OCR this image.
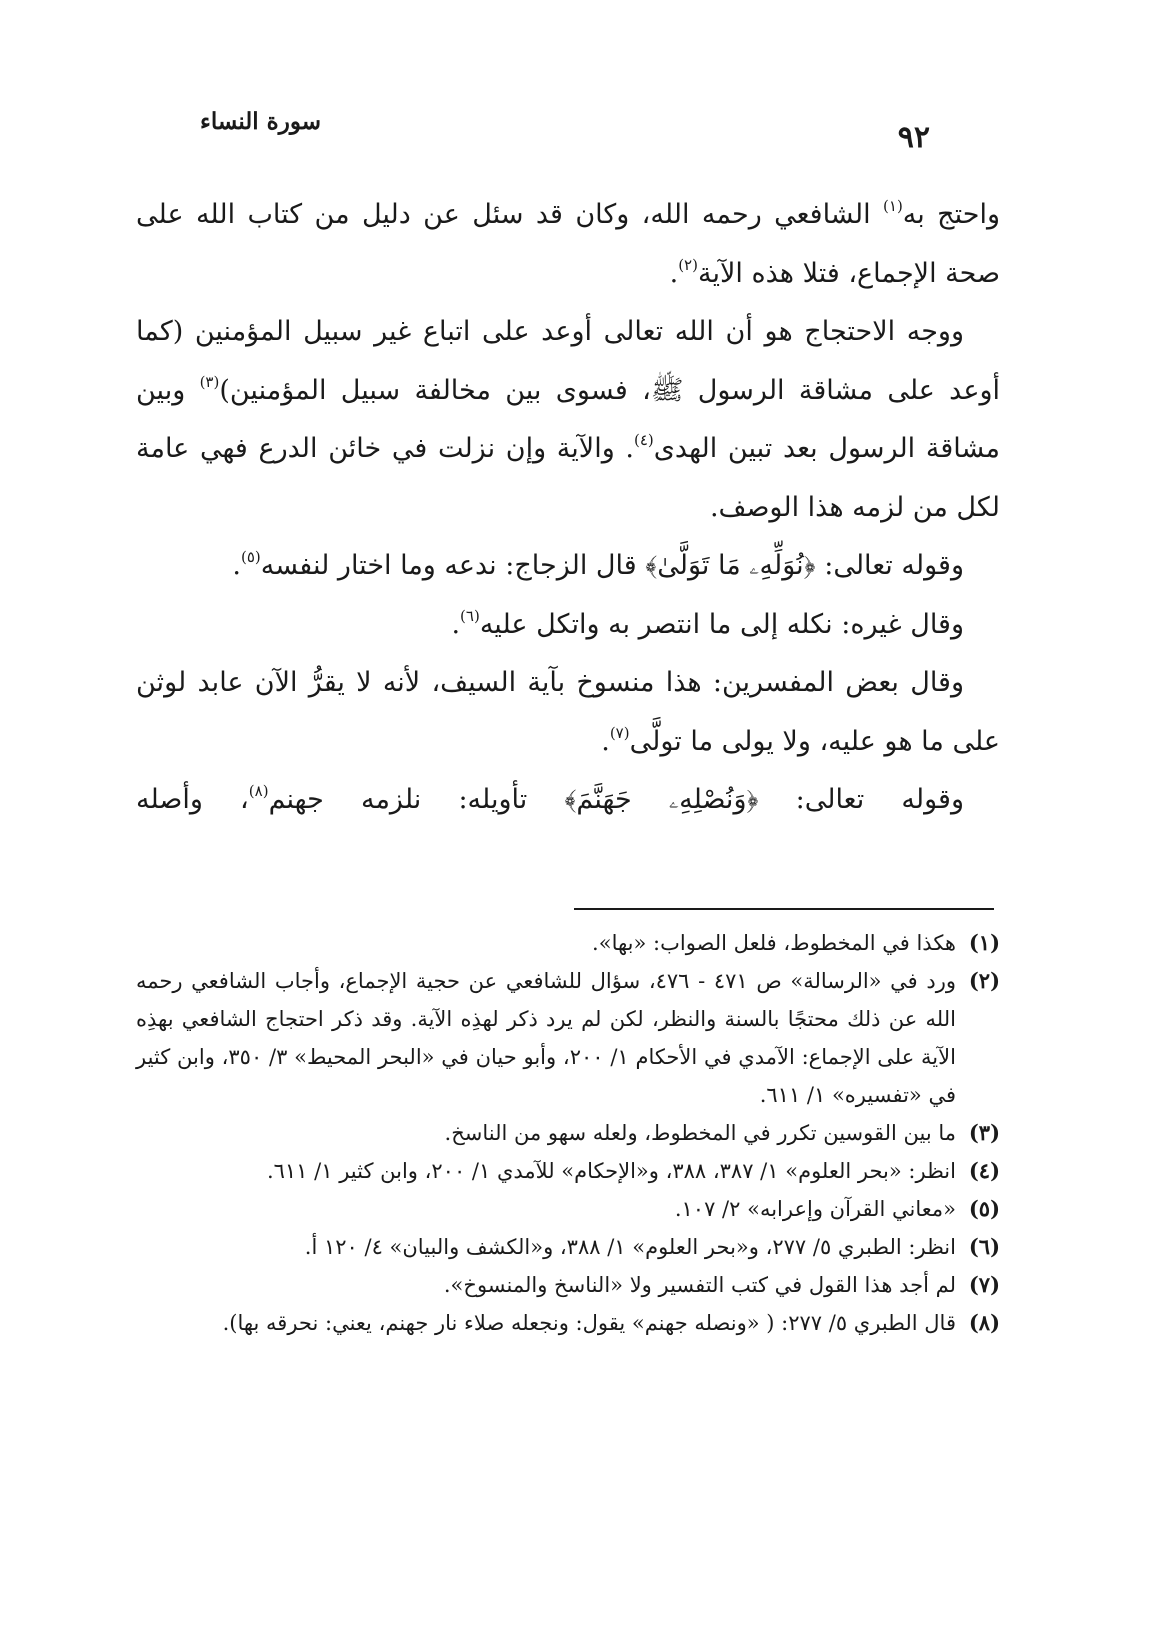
٩٢
سورة النساء

واحتج به$^{(١)}$ الشافعي رحمه الله، وكان قد سئل عن دليل من كتاب الله على صحة الإجماع، فتلا هذه الآية$^{(٢)}$.

ووجه الاحتجاج هو أن الله تعالى أوعد على اتباع غير سبيل المؤمنين (كما أوعد على مشاقة الرسول ﷺ، فسوى بين مخالفة سبيل المؤمنين)$^{(٣)}$ وبين مشاقة الرسول بعد تبين الهدى$^{(٤)}$. والآية وإن نزلت في خائن الدرع فهي عامة لكل من لزمه هذا الوصف.

وقوله تعالى: ﴿نُوَلِّهِۦ مَا تَوَلَّىٰ﴾ قال الزجاج: ندعه وما اختار لنفسه$^{(٥)}$.

وقال غيره: نكله إلى ما انتصر به واتكل عليه$^{(٦)}$.

وقال بعض المفسرين: هذا منسوخ بآية السيف، لأنه لا يقرُّ الآن عابد لوثن على ما هو عليه، ولا يولى ما تولَّى$^{(٧)}$.

وقوله تعالى: ﴿وَنُصْلِهِۦ جَهَنَّمَ﴾ تأويله: نلزمه جهنم$^{(٨)}$، وأصله

(١)
هكذا في المخطوط، فلعل الصواب: «بها».
(٢)
ورد في «الرسالة» ص ٤٧١ - ٤٧٦، سؤال للشافعي عن حجية الإجماع، وأجاب الشافعي رحمه الله عن ذلك محتجًا بالسنة والنظر، لكن لم يرد ذكر لهذِه الآية. وقد ذكر احتجاج الشافعي بهذِه الآية على الإجماع: الآمدي في الأحكام ١/ ٢٠٠، وأبو حيان في «البحر المحيط» ٣/ ٣٥٠، وابن كثير في «تفسيره» ١/ ٦١١.
(٣)
ما بين القوسين تكرر في المخطوط، ولعله سهو من الناسخ.
(٤)
انظر: «بحر العلوم» ١/ ٣٨٧، ٣٨٨، و«الإحكام» للآمدي ١/ ٢٠٠، وابن كثير ١/ ٦١١.
(٥)
«معاني القرآن وإعرابه» ٢/ ١٠٧.
(٦)
انظر: الطبري ٥/ ٢٧٧، و«بحر العلوم» ١/ ٣٨٨، و«الكشف والبيان» ٤/ ١٢٠ أ.
(٧)
لم أجد هذا القول في كتب التفسير ولا «الناسخ والمنسوخ».
(٨)
قال الطبري ٥/ ٢٧٧: ( «ونصله جهنم» يقول: ونجعله صلاء نار جهنم، يعني: نحرقه بها).
